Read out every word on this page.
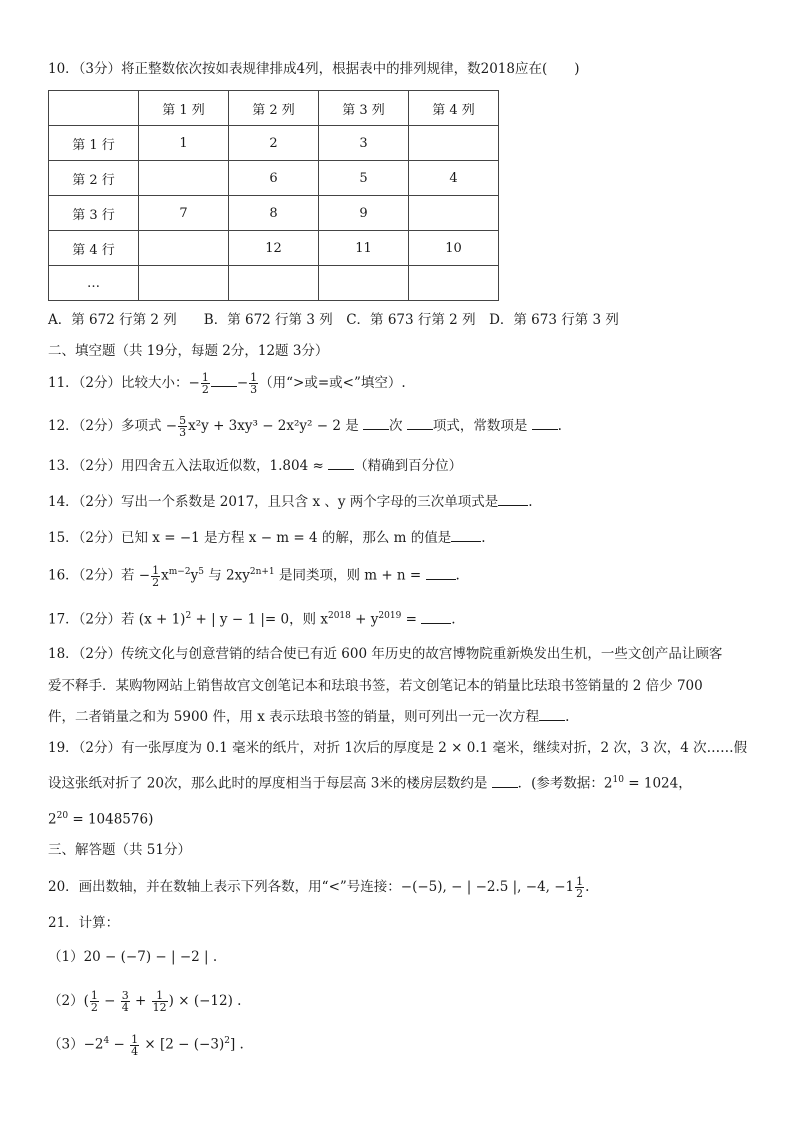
10．（3分）将正整数依次按如表规律排成4列，根据表中的排列规律，数2018应在(　　)
	第 1 列	第 2 列	第 3 列	第 4 列
第 1 行	1	2	3	
第 2 行		6	5	4
第 3 行	7	8	9	
第 4 行		12	11	10
…				
A．第 672 行第 2 列　　B．第 672 行第 3 列　C．第 673 行第 2 列　D．第 673 行第 3 列
二、填空题（共 19分，每题 2分，12题 3分）
11．（2分）比较大小：− $\frac{1}{2} - \frac{1}{3}$ （用“>或=或<”填空）.
12．（2分）多项式 − $\frac{5}{3} x^2y + 3xy^3 - 2x^2y^2 - 2$ 是 次 项式，常数项是 .
13．（2分）用四舍五入法取近似数，1.804 ≈ （精确到百分位）
14．（2分）写出一个系数是 2017，且只含 x 、y 两个字母的三次单项式是 .
15．（2分）已知 x = −1 是方程 x − m = 4 的解，那么 m 的值是 .
16．（2分）若 − $\frac{1}{2} x^{m-2}y^5$ 与 $2xy^{2n+1}$ 是同类项，则 m + n =	.
17．（2分）若 $(x + 1)^2$ + | y − 1 |= 0，则 $x^{2018} + y^{2019}$ =	.
18．（2分）传统文化与创意营销的结合使已有近 600 年历史的故宫博物院重新焕发出生机，一些文创产品让顾客
爱不释手．某购物网站上销售故宫文创笔记本和珐琅书签，若文创笔记本的销量比珐琅书签销量的 2 倍少 700
件，二者销量之和为 5900 件，用 x 表示珐琅书签的销量，则可列出一元一次方程 .
19．（2分）有一张厚度为 0.1 毫米的纸片，对折 1次后的厚度是 2 × 0.1 毫米，继续对折，2 次，3 次，4 次……假
设这张纸对折了 20次，那么此时的厚度相当于每层高 3米的楼房层数约是 ．(参考数据：$2^{10} = 1024$，
$2^{20} = 1048576$)
三、解答题（共 51分）
20．画出数轴，并在数轴上表示下列各数，用“<”号连接：−(−5), − | −2.5 |, −4, $-1 \frac{1}{2}$ .
21．计算：
（1）20 − (−7) − | −2 | .
$(2)( \frac{1}{2} - \frac{3}{4} + \frac{1}{12}$ ) × (−12) .
$(3)-2^4 - \frac{1}{4} \times [2 - (-3)^2]$ .
